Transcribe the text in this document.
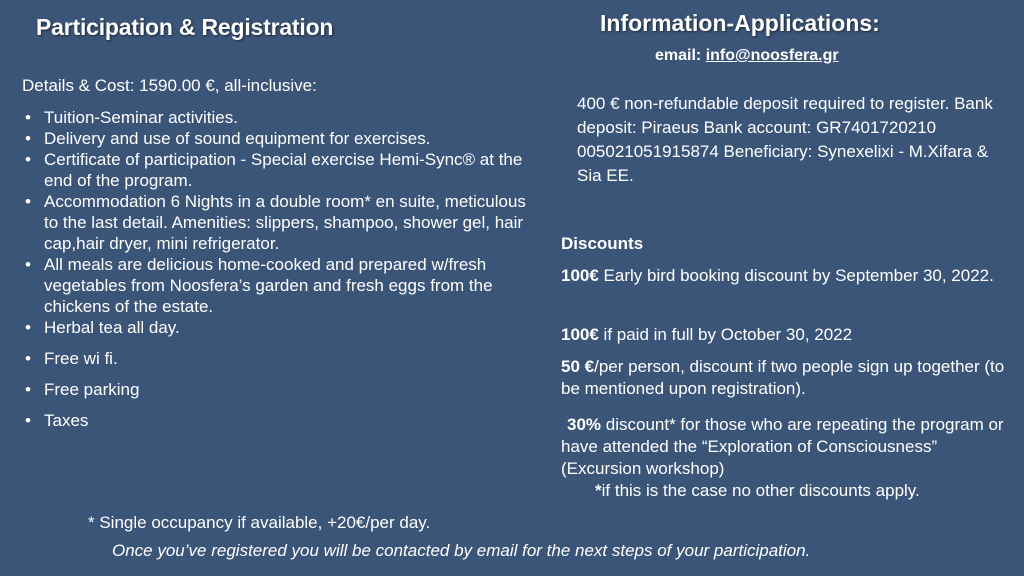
Participation & Registration	Information-Applications:
email: info@noosfera.gr
Details & Cost: 1590.00 €, all-inclusive:
• Tuition-Seminar activities.
• Delivery and use of sound equipment for exercises.
• Certificate of participation - Special exercise Hemi-Sync® at the end of the program.
• Accommodation 6 Nights in a double room* en suite, meticulous to the last detail. Amenities: slippers, shampoo, shower gel, hair cap,hair dryer, mini refrigerator.
• All meals are delicious home-cooked and prepared w/fresh vegetables from Noosfera’s garden and fresh eggs from the chickens of the estate.
• Herbal tea all day.
• Free wi fi.
• Free parking
• Taxes
* Single occupancy if available, +20€/per day.
400 € non-refundable deposit required to register. Bank deposit: Piraeus Bank account: GR7401720210 005021051915874 Beneficiary: Synexelixi - M.Xifara & Sia EE.
Discounts
100€ Early bird booking discount by September 30, 2022.
100€ if paid in full by October 30, 2022
50 €/per person, discount if two people sign up together (to be mentioned upon registration).
30% discount* for those who are repeating the program or have attended the “Exploration of Consciousness” (Excursion workshop)
*if this is the case no other discounts apply.
Once you’ve registered you will be contacted by email for the next steps of your participation.
